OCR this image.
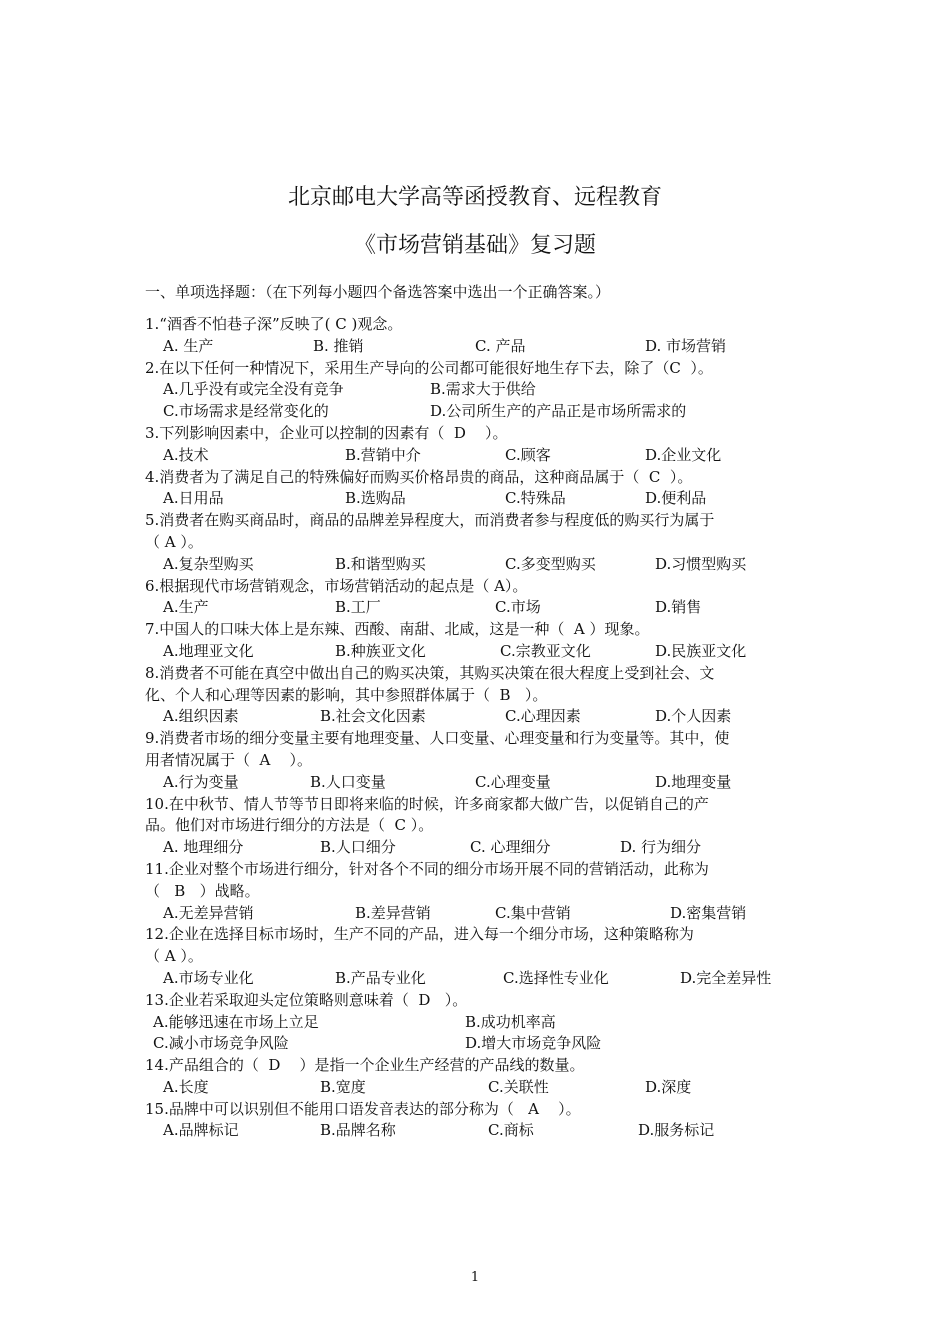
北京邮电大学高等函授教育、远程教育
《市场营销基础》复习题
一、单项选择题：（在下列每小题四个备选答案中选出一个正确答案。）
1.“酒香不怕巷子深”反映了( C )观念。
A. 生产	B. 推销	C. 产品	D. 市场营销
2.在以下任何一种情况下，采用生产导向的公司都可能很好地生存下去，除了（C  ）。
A.几乎没有或完全没有竞争	B.需求大于供给
C.市场需求是经常变化的	D.公司所生产的产品正是市场所需求的
3.下列影响因素中，企业可以控制的因素有（  D    ）。
A.技术	B.营销中介	C.顾客	D.企业文化
4.消费者为了满足自己的特殊偏好而购买价格昂贵的商品，这种商品属于（  C  ）。
A.日用品	B.选购品	C.特殊品	D.便利品
5.消费者在购买商品时，商品的品牌差异程度大，而消费者参与程度低的购买行为属于
（ A ）。
A.复杂型购买	B.和谐型购买	C.多变型购买	D.习惯型购买
6.根据现代市场营销观念，市场营销活动的起点是（ A）。
A.生产	B.工厂	C.市场	D.销售
7.中国人的口味大体上是东辣、西酸、南甜、北咸，这是一种（  A ）现象。
A.地理亚文化	B.种族亚文化	C.宗教亚文化	D.民族亚文化
8.消费者不可能在真空中做出自己的购买决策，其购买决策在很大程度上受到社会、文
化、个人和心理等因素的影响，其中参照群体属于（  B   ）。
A.组织因素	B.社会文化因素	C.心理因素	D.个人因素
9.消费者市场的细分变量主要有地理变量、人口变量、心理变量和行为变量等。其中，使
用者情况属于（  A    ）。
A.行为变量	B.人口变量	C.心理变量	D.地理变量
10.在中秋节、情人节等节日即将来临的时候，许多商家都大做广告，以促销自己的产
品。他们对市场进行细分的方法是（  C ）。
A. 地理细分	B.人口细分	C. 心理细分	D. 行为细分
11.企业对整个市场进行细分，针对各个不同的细分市场开展不同的营销活动，此称为
（   B   ）战略。
A.无差异营销	B.差异营销	C.集中营销	D.密集营销
12.企业在选择目标市场时，生产不同的产品，进入每一个细分市场，这种策略称为
（ A ）。
A.市场专业化	B.产品专业化	C.选择性专业化	D.完全差异性
13.企业若采取迎头定位策略则意味着（  D   ）。
A.能够迅速在市场上立足	B.成功机率高
C.减小市场竞争风险	D.增大市场竞争风险
14.产品组合的（  D    ）是指一个企业生产经营的产品线的数量。
A.长度	B.宽度	C.关联性	D.深度
15.品牌中可以识别但不能用口语发音表达的部分称为（   A    ）。
A.品牌标记	B.品牌名称	C.商标	D.服务标记
1
